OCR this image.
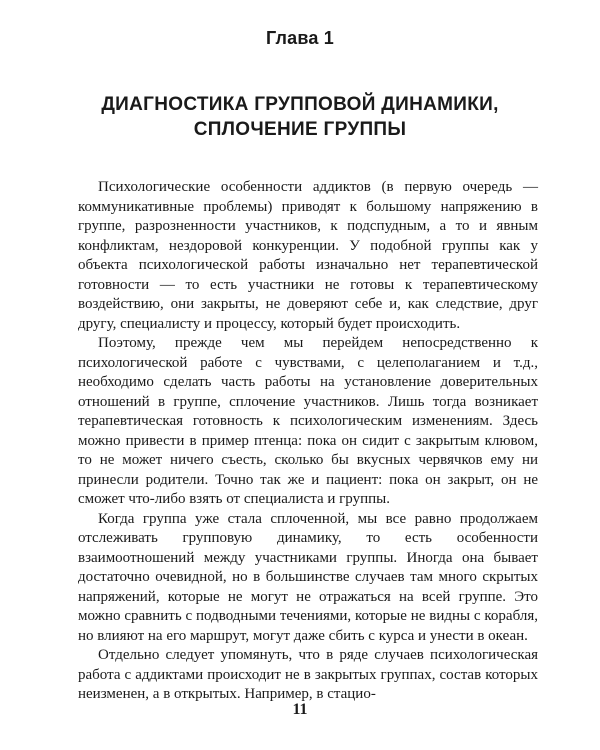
Глава 1
ДИАГНОСТИКА ГРУППОВОЙ ДИНАМИКИ,
СПЛОЧЕНИЕ ГРУППЫ

Психологические особенности аддиктов (в первую очередь — коммуникативные проблемы) приводят к большому напряжению в группе, разрозненности участников, к подспудным, а то и явным конфликтам, нездоровой конкуренции. У подобной группы как у объекта психологической работы изначально нет терапевтической готовности — то есть участники не готовы к терапевтическому воздействию, они закрыты, не доверяют себе и, как следствие, друг другу, специалисту и процессу, который будет происходить.

Поэтому, прежде чем мы перейдем непосредственно к психологической работе с чувствами, с целеполаганием и т.д., необходимо сделать часть работы на установление доверительных отношений в группе, сплочение участников. Лишь тогда возникает терапевтическая готовность к психологическим изменениям. Здесь можно привести в пример птенца: пока он сидит с закрытым клювом, то не может ничего съесть, сколько бы вкусных червячков ему ни принесли родители. Точно так же и пациент: пока он закрыт, он не сможет что-либо взять от специалиста и группы.

Когда группа уже стала сплоченной, мы все равно продолжаем отслеживать групповую динамику, то есть особенности взаимоотношений между участниками группы. Иногда она бывает достаточно очевидной, но в большинстве случаев там много скрытых напряжений, которые не могут не отражаться на всей группе. Это можно сравнить с подводными течениями, которые не видны с корабля, но влияют на его маршрут, могут даже сбить с курса и унести в океан.

Отдельно следует упомянуть, что в ряде случаев психологическая работа с аддиктами происходит не в закрытых группах, состав которых неизменен, а в открытых. Например, в стацио-

11
